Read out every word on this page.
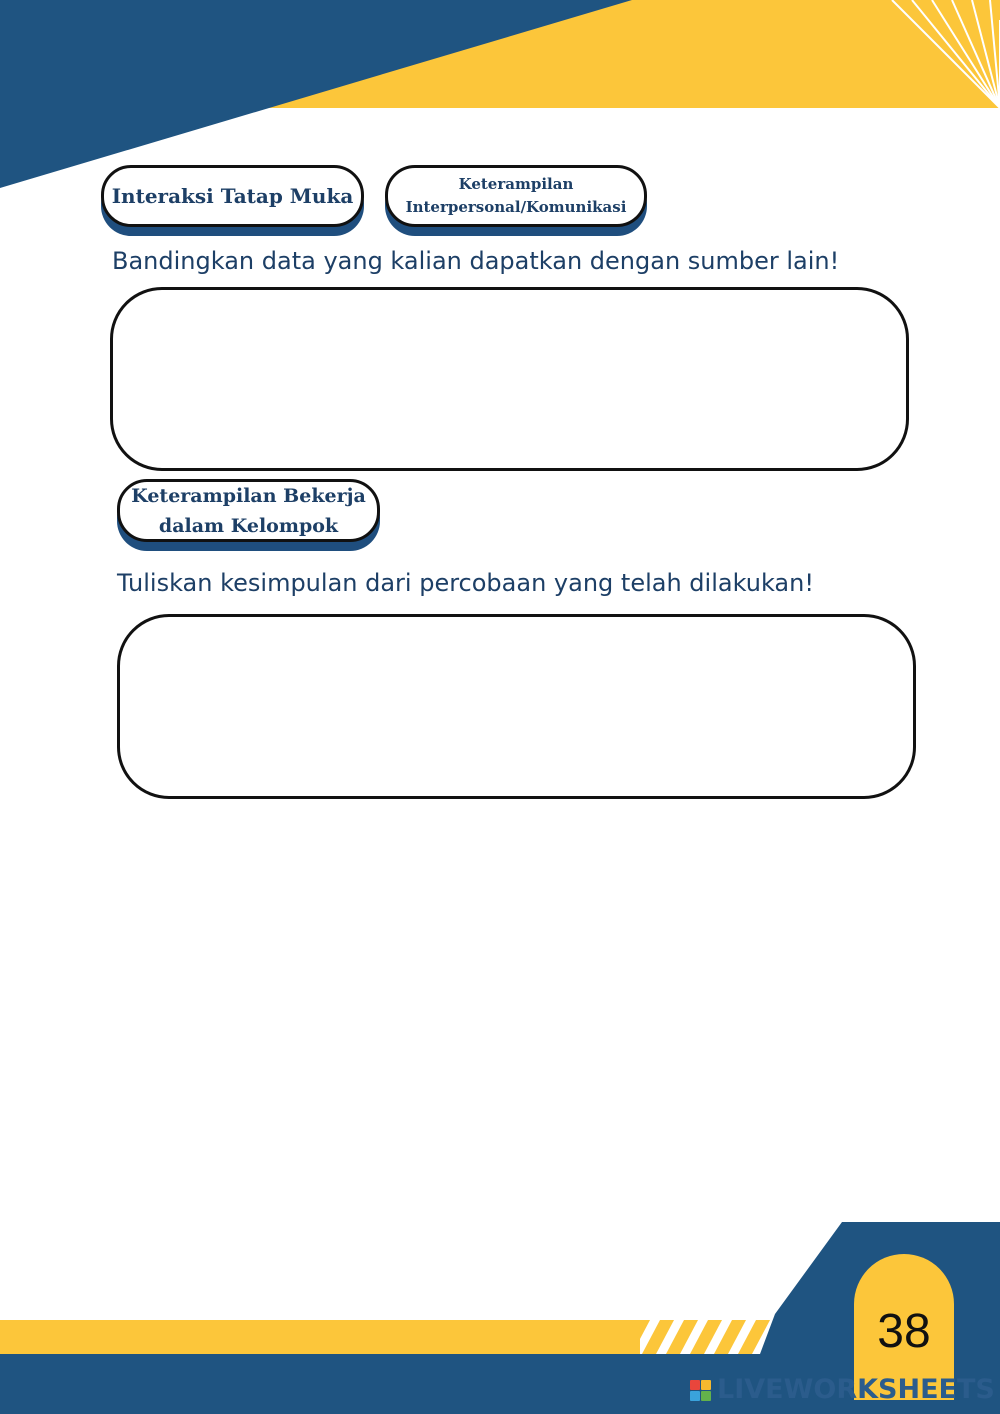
Interaksi Tatap Muka	Keterampilan Interpersonal/Komunikasi
Bandingkan data yang kalian dapatkan dengan sumber lain!
Keterampilan Bekerja dalam Kelompok
Tuliskan kesimpulan dari percobaan yang telah dilakukan!
38
LIVEWORKSHEETS
